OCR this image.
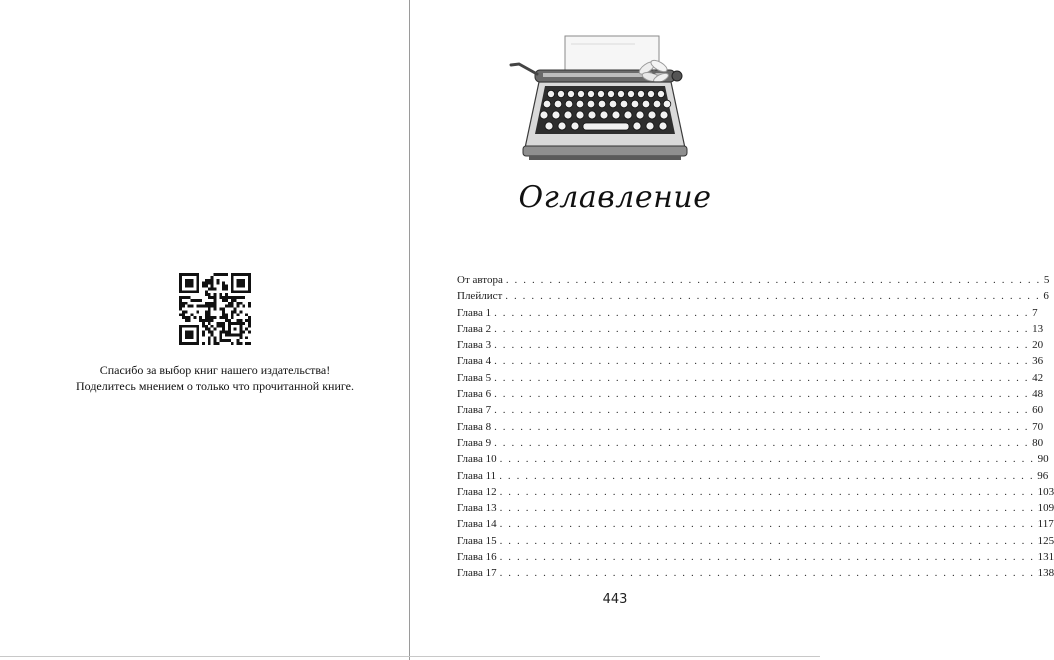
Спасибо за выбор книг нашего издательства!
Поделитесь мнением о только что прочитанной книге.
Оглавление
От автора . . . . . . . . . . . . . . . . . . . . . . . . . . . . . . . . . . . . . . . . . . . . . . . . . . . . . . . . . . . . . . 5
Плейлист . . . . . . . . . . . . . . . . . . . . . . . . . . . . . . . . . . . . . . . . . . . . . . . . . . . . . . . . . . . . . . 6
Глава 1 . . . . . . . . . . . . . . . . . . . . . . . . . . . . . . . . . . . . . . . . . . . . . . . . . . . . . . . . . . . . . . 7
Глава 2 . . . . . . . . . . . . . . . . . . . . . . . . . . . . . . . . . . . . . . . . . . . . . . . . . . . . . . . . . . . . . . 13
Глава 3 . . . . . . . . . . . . . . . . . . . . . . . . . . . . . . . . . . . . . . . . . . . . . . . . . . . . . . . . . . . . . . 20
Глава 4 . . . . . . . . . . . . . . . . . . . . . . . . . . . . . . . . . . . . . . . . . . . . . . . . . . . . . . . . . . . . . . 36
Глава 5 . . . . . . . . . . . . . . . . . . . . . . . . . . . . . . . . . . . . . . . . . . . . . . . . . . . . . . . . . . . . . . 42
Глава 6 . . . . . . . . . . . . . . . . . . . . . . . . . . . . . . . . . . . . . . . . . . . . . . . . . . . . . . . . . . . . . . 48
Глава 7 . . . . . . . . . . . . . . . . . . . . . . . . . . . . . . . . . . . . . . . . . . . . . . . . . . . . . . . . . . . . . . 60
Глава 8 . . . . . . . . . . . . . . . . . . . . . . . . . . . . . . . . . . . . . . . . . . . . . . . . . . . . . . . . . . . . . . 70
Глава 9 . . . . . . . . . . . . . . . . . . . . . . . . . . . . . . . . . . . . . . . . . . . . . . . . . . . . . . . . . . . . . . 80
Глава 10 . . . . . . . . . . . . . . . . . . . . . . . . . . . . . . . . . . . . . . . . . . . . . . . . . . . . . . . . . . . . . . 90
Глава 11 . . . . . . . . . . . . . . . . . . . . . . . . . . . . . . . . . . . . . . . . . . . . . . . . . . . . . . . . . . . . . . 96
Глава 12 . . . . . . . . . . . . . . . . . . . . . . . . . . . . . . . . . . . . . . . . . . . . . . . . . . . . . . . . . . . . . . 103
Глава 13 . . . . . . . . . . . . . . . . . . . . . . . . . . . . . . . . . . . . . . . . . . . . . . . . . . . . . . . . . . . . . . 109
Глава 14 . . . . . . . . . . . . . . . . . . . . . . . . . . . . . . . . . . . . . . . . . . . . . . . . . . . . . . . . . . . . . . 117
Глава 15 . . . . . . . . . . . . . . . . . . . . . . . . . . . . . . . . . . . . . . . . . . . . . . . . . . . . . . . . . . . . . . 125
Глава 16 . . . . . . . . . . . . . . . . . . . . . . . . . . . . . . . . . . . . . . . . . . . . . . . . . . . . . . . . . . . . . . 131
Глава 17 . . . . . . . . . . . . . . . . . . . . . . . . . . . . . . . . . . . . . . . . . . . . . . . . . . . . . . . . . . . . . . 138
443
